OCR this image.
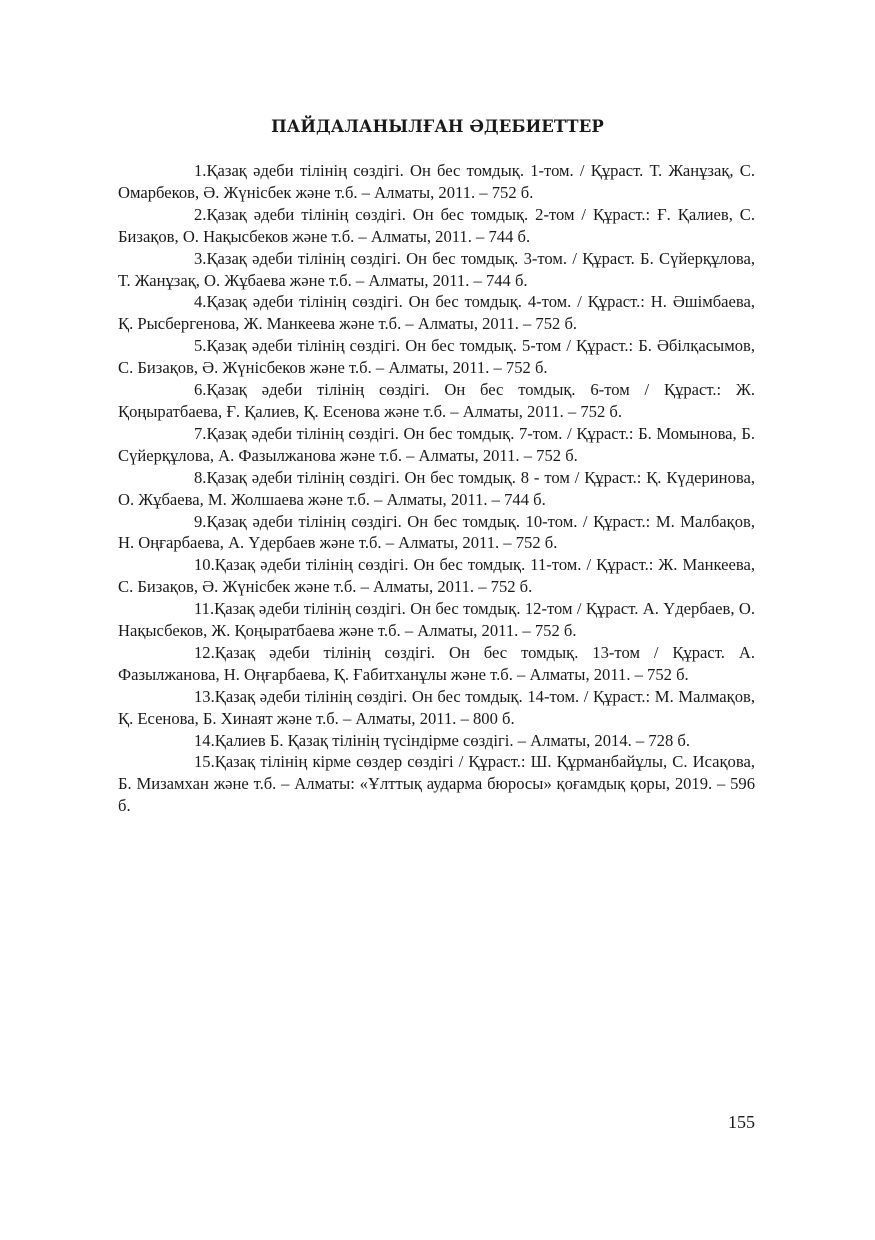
ПАЙДАЛАНЫЛҒАН ӘДЕБИЕТТЕР
1.Қазақ әдеби тілінің сөздігі. Он бес томдық. 1-том. / Құраст. Т. Жанұзақ, С. Омарбеков, Ә. Жүнісбек және т.б. – Алматы, 2011. – 752 б.
2.Қазақ әдеби тілінің сөздігі. Он бес томдық. 2-том / Құраст.: Ғ. Қалиев, С. Бизақов, О. Нақысбеков және т.б. – Алматы, 2011. – 744 б.
3.Қазақ әдеби тілінің сөздігі. Он бес томдық. 3-том. / Құраст. Б. Сүйерқұлова, Т. Жанұзақ, О. Жұбаева және т.б. – Алматы, 2011. – 744 б.
4.Қазақ әдеби тілінің сөздігі. Он бес томдық. 4-том. / Құраст.: Н. Әшімбаева, Қ. Рысбергенова, Ж. Манкеева және т.б. – Алматы, 2011. – 752 б.
5.Қазақ әдеби тілінің сөздігі. Он бес томдық. 5-том / Құраст.: Б. Әбілқасымов, С. Бизақов, Ә. Жүнісбеков және т.б. – Алматы, 2011. – 752 б.
6.Қазақ әдеби тілінің сөздігі. Он бес томдық. 6-том / Құраст.: Ж. Қоңыратбаева, Ғ. Қалиев, Қ. Есенова және т.б. – Алматы, 2011. – 752 б.
7.Қазақ әдеби тілінің сөздігі. Он бес томдық. 7-том. / Құраст.: Б. Момынова, Б. Сүйерқұлова, А. Фазылжанова және т.б. – Алматы, 2011. – 752 б.
8.Қазақ әдеби тілінің сөздігі. Он бес томдық. 8 - том / Құраст.: Қ. Күдеринова, О. Жұбаева, М. Жолшаева және т.б. – Алматы, 2011. – 744 б.
9.Қазақ әдеби тілінің сөздігі. Он бес томдық. 10-том. / Құраст.: М. Малбақов, Н. Оңғарбаева, А. Үдербаев және т.б. – Алматы, 2011. – 752 б.
10.Қазақ әдеби тілінің сөздігі. Он бес томдық. 11-том. / Құраст.: Ж. Манкеева, С. Бизақов, Ә. Жүнісбек және т.б. – Алматы, 2011. – 752 б.
11.Қазақ әдеби тілінің сөздігі. Он бес томдық. 12-том / Құраст. А. Үдербаев, О. Нақысбеков, Ж. Қоңыратбаева және т.б. – Алматы, 2011. – 752 б.
12.Қазақ әдеби тілінің сөздігі. Он бес томдық. 13-том / Құраст. А. Фазылжанова, Н. Оңғарбаева, Қ. Ғабитханұлы және т.б. – Алматы, 2011. – 752 б.
13.Қазақ әдеби тілінің сөздігі. Он бес томдық. 14-том. / Құраст.: М. Малмақов, Қ. Есенова, Б. Хинаят және т.б. – Алматы, 2011. – 800 б.
14.Қалиев Б. Қазақ тілінің түсіндірме сөздігі. – Алматы, 2014. – 728 б.
15.Қазақ тілінің кірме сөздер сөздігі / Құраст.: Ш. Құрманбайұлы, С. Исақова, Б. Мизамхан және т.б. – Алматы: «Ұлттық аудармa бюросы» қоғамдық қоры, 2019. – 596 б.
155
